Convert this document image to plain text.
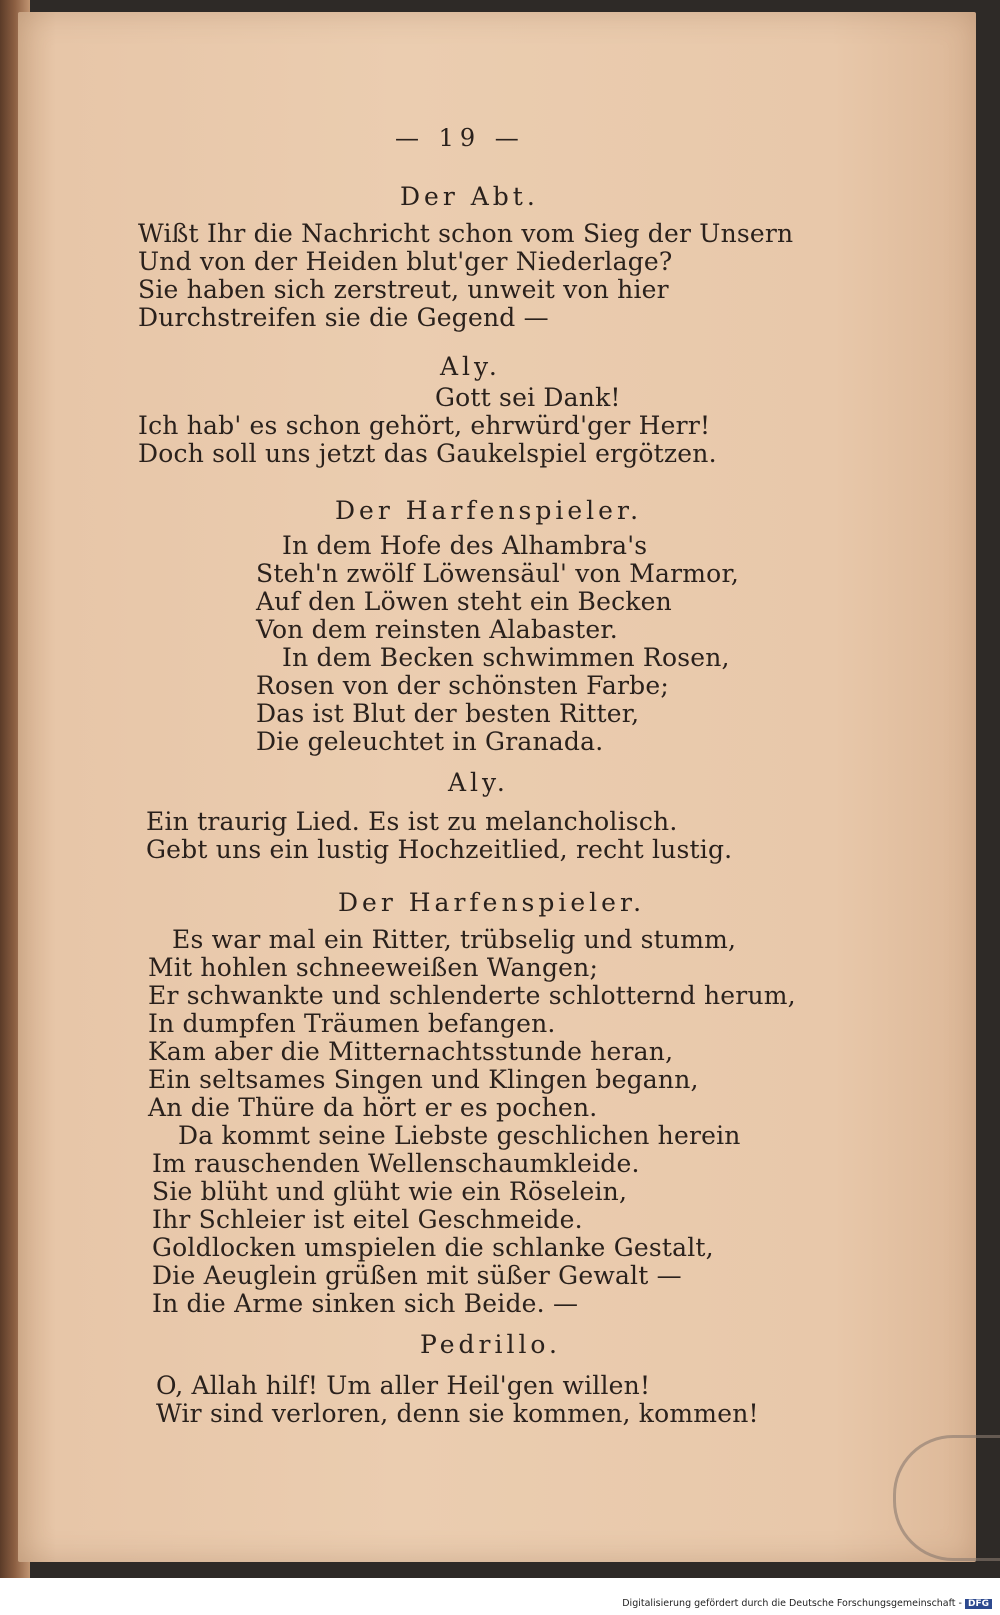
— 19 —
Der Abt.
Wißt Ihr die Nachricht schon vom Sieg der Unsern
Und von der Heiden blut'ger Niederlage?
Sie haben sich zerstreut, unweit von hier
Durchstreifen sie die Gegend —
Aly.
Gott sei Dank!
Ich hab' es schon gehört, ehrwürd'ger Herr!
Doch soll uns jetzt das Gaukelspiel ergötzen.
Der Harfenspieler.
In dem Hofe des Alhambra's
Steh'n zwölf Löwensäul' von Marmor,
Auf den Löwen steht ein Becken
Von dem reinsten Alabaster.
In dem Becken schwimmen Rosen,
Rosen von der schönsten Farbe;
Das ist Blut der besten Ritter,
Die geleuchtet in Granada.
Aly.
Ein traurig Lied. Es ist zu melancholisch.
Gebt uns ein lustig Hochzeitlied, recht lustig.
Der Harfenspieler.
Es war mal ein Ritter, trübselig und stumm,
Mit hohlen schneeweißen Wangen;
Er schwankte und schlenderte schlotternd herum,
In dumpfen Träumen befangen.
Kam aber die Mitternachtsstunde heran,
Ein seltsames Singen und Klingen begann,
An die Thüre da hört er es pochen.
Da kommt seine Liebste geschlichen herein
Im rauschenden Wellenschaumkleide.
Sie blüht und glüht wie ein Röselein,
Ihr Schleier ist eitel Geschmeide.
Goldlocken umspielen die schlanke Gestalt,
Die Aeuglein grüßen mit süßer Gewalt —
In die Arme sinken sich Beide. —
Pedrillo.
O, Allah hilf! Um aller Heil'gen willen!
Wir sind verloren, denn sie kommen, kommen!
Digitalisierung gefördert durch die Deutsche Forschungsgemeinschaft - DFG
